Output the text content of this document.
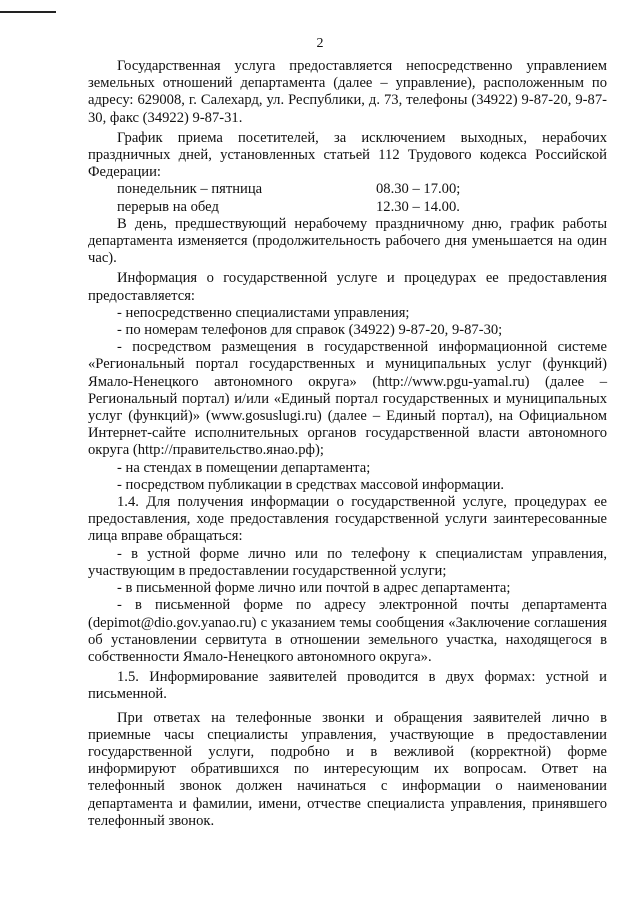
2

Государственная услуга предоставляется непосредственно управлением земельных отношений департамента (далее – управление), расположенным по адресу: 629008, г. Салехард, ул. Республики, д. 73, телефоны (34922) 9-87-20, 9-87-30, факс (34922) 9-87-31.

График приема посетителей, за исключением выходных, нерабочих праздничных дней, установленных статьей 112 Трудового кодекса Российской Федерации:

понедельник – пятница	08.30 – 17.00;
перерыв на обед	12.30 – 14.00.

В день, предшествующий нерабочему праздничному дню, график работы департамента изменяется (продолжительность рабочего дня уменьшается на один час).

Информация о государственной услуге и процедурах ее предоставления предоставляется:

- непосредственно специалистами управления;

- по номерам телефонов для справок (34922) 9-87-20, 9-87-30;

- посредством размещения в государственной информационной системе «Региональный портал государственных и муниципальных услуг (функций) Ямало-Ненецкого автономного округа» (http://www.pgu-yamal.ru) (далее – Региональный портал) и/или «Единый портал государственных и муниципальных услуг (функций)» (www.gosuslugi.ru) (далее – Единый портал), на Официальном Интернет-сайте исполнительных органов государственной власти автономного округа (http://правительство.янао.рф);

- на стендах в помещении департамента;

- посредством публикации в средствах массовой информации.

1.4. Для получения информации о государственной услуге, процедурах ее предоставления, ходе предоставления государственной услуги заинтересованные лица вправе обращаться:

- в устной форме лично или по телефону к специалистам управления, участвующим в предоставлении государственной услуги;

- в письменной форме лично или почтой в адрес департамента;

- в письменной форме по адресу электронной почты департамента (depimot@dio.gov.yanao.ru) с указанием темы сообщения «Заключение соглашения об установлении сервитута в отношении земельного участка, находящегося в собственности Ямало-Ненецкого автономного округа».

1.5. Информирование заявителей проводится в двух формах: устной и письменной.

При ответах на телефонные звонки и обращения заявителей лично в приемные часы специалисты управления, участвующие в предоставлении государственной услуги, подробно и в вежливой (корректной) форме информируют обратившихся по интересующим их вопросам. Ответ на телефонный звонок должен начинаться с информации о наименовании департамента и фамилии, имени, отчестве специалиста управления, принявшего телефонный звонок.
